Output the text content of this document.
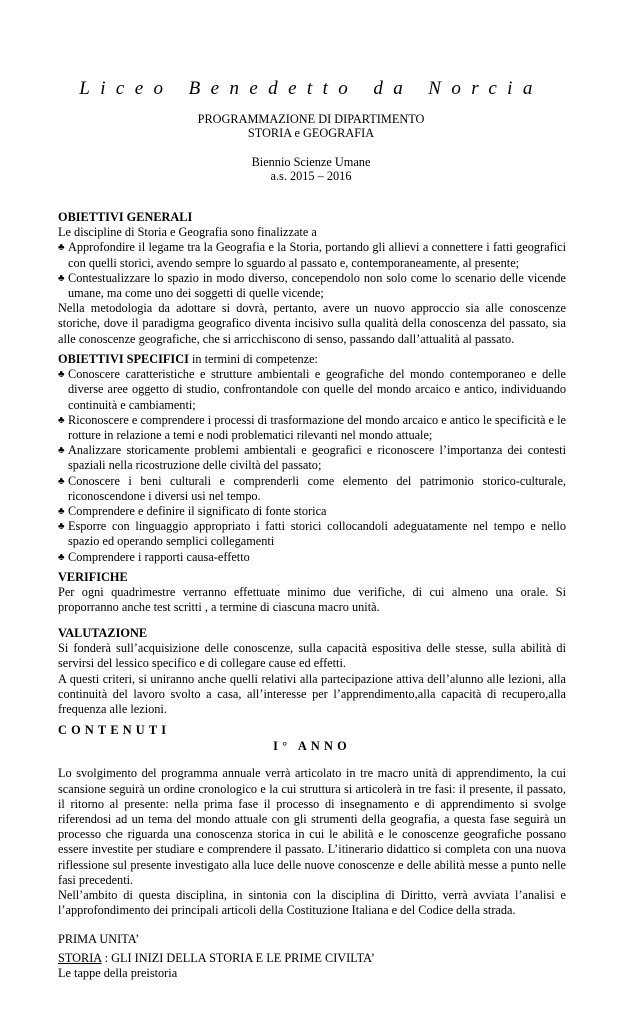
Liceo Benedetto da Norcia
PROGRAMMAZIONE DI DIPARTIMENTO
STORIA e GEOGRAFIA
Biennio Scienze Umane
a.s. 2015 – 2016
OBIETTIVI GENERALI
Le discipline di Storia e Geografia sono finalizzate a
♣ Approfondire il legame tra la Geografia e la Storia, portando gli allievi a connettere i fatti geografici con quelli storici, avendo sempre lo sguardo al passato e, contemporaneamente, al presente;
♣ Contestualizzare lo spazio in modo diverso, concependolo non solo come lo scenario delle vicende umane, ma come uno dei soggetti di quelle vicende;
Nella metodologia da adottare si dovrà, pertanto, avere un nuovo approccio sia alle conoscenze storiche, dove il paradigma geografico diventa incisivo sulla qualità della conoscenza del passato, sia alle conoscenze geografiche, che si arricchiscono di senso, passando dall’attualità al passato.
OBIETTIVI SPECIFICI in termini di competenze:
♣ Conoscere caratteristiche e strutture ambientali e geografiche del mondo contemporaneo e delle diverse aree oggetto di studio, confrontandole con quelle del mondo arcaico e antico, individuando continuità e cambiamenti;
♣ Riconoscere e comprendere i processi di trasformazione del mondo arcaico e antico le specificità e le rotture in relazione a temi e nodi problematici rilevanti nel mondo attuale;
♣ Analizzare storicamente problemi ambientali e geografici e riconoscere l’importanza dei contesti spaziali nella ricostruzione delle civiltà del passato;
♣ Conoscere i beni culturali e comprenderli come elemento del patrimonio storico-culturale, riconoscendone i diversi usi nel tempo.
♣ Comprendere e definire il significato di fonte storica
♣ Esporre con linguaggio appropriato i fatti storici collocandoli adeguatamente nel tempo e nello spazio ed operando semplici collegamenti
♣ Comprendere i rapporti causa-effetto
VERIFICHE
Per ogni quadrimestre verranno effettuate minimo due verifiche, di cui almeno una orale. Si proporranno anche test scritti , a termine di ciascuna macro unità.
VALUTAZIONE
Si fonderà sull’acquisizione delle conoscenze, sulla capacità espositiva delle stesse, sulla abilità di servirsi del lessico specifico e di collegare cause ed effetti.
A questi criteri, si uniranno anche quelli relativi alla partecipazione attiva dell’alunno alle lezioni, alla continuità del lavoro svolto a casa, all’interesse per l’apprendimento,alla capacità di recupero,alla frequenza alle lezioni.
CONTENUTI
I° ANNO
Lo svolgimento del programma annuale verrà articolato in tre macro unità di apprendimento, la cui scansione seguirà un ordine cronologico e la cui struttura si articolerà in tre fasi: il presente, il passato, il ritorno al presente: nella prima fase il processo di insegnamento e di apprendimento si svolge riferendosi ad un tema del mondo attuale con gli strumenti della geografia, a questa fase seguirà un processo che riguarda una conoscenza storica in cui le abilità e le conoscenze geografiche possano essere investite per studiare e comprendere il passato. L’itinerario didattico si completa con una nuova riflessione sul presente investigato alla luce delle nuove conoscenze e delle abilità messe a punto nelle fasi precedenti.
Nell’ambito di questa disciplina, in sintonia con la disciplina di Diritto, verrà avviata l’analisi e l’approfondimento dei principali articoli della Costituzione Italiana e del Codice della strada.
PRIMA UNITA’
STORIA : GLI INIZI DELLA STORIA E LE PRIME CIVILTA’
Le tappe della preistoria
